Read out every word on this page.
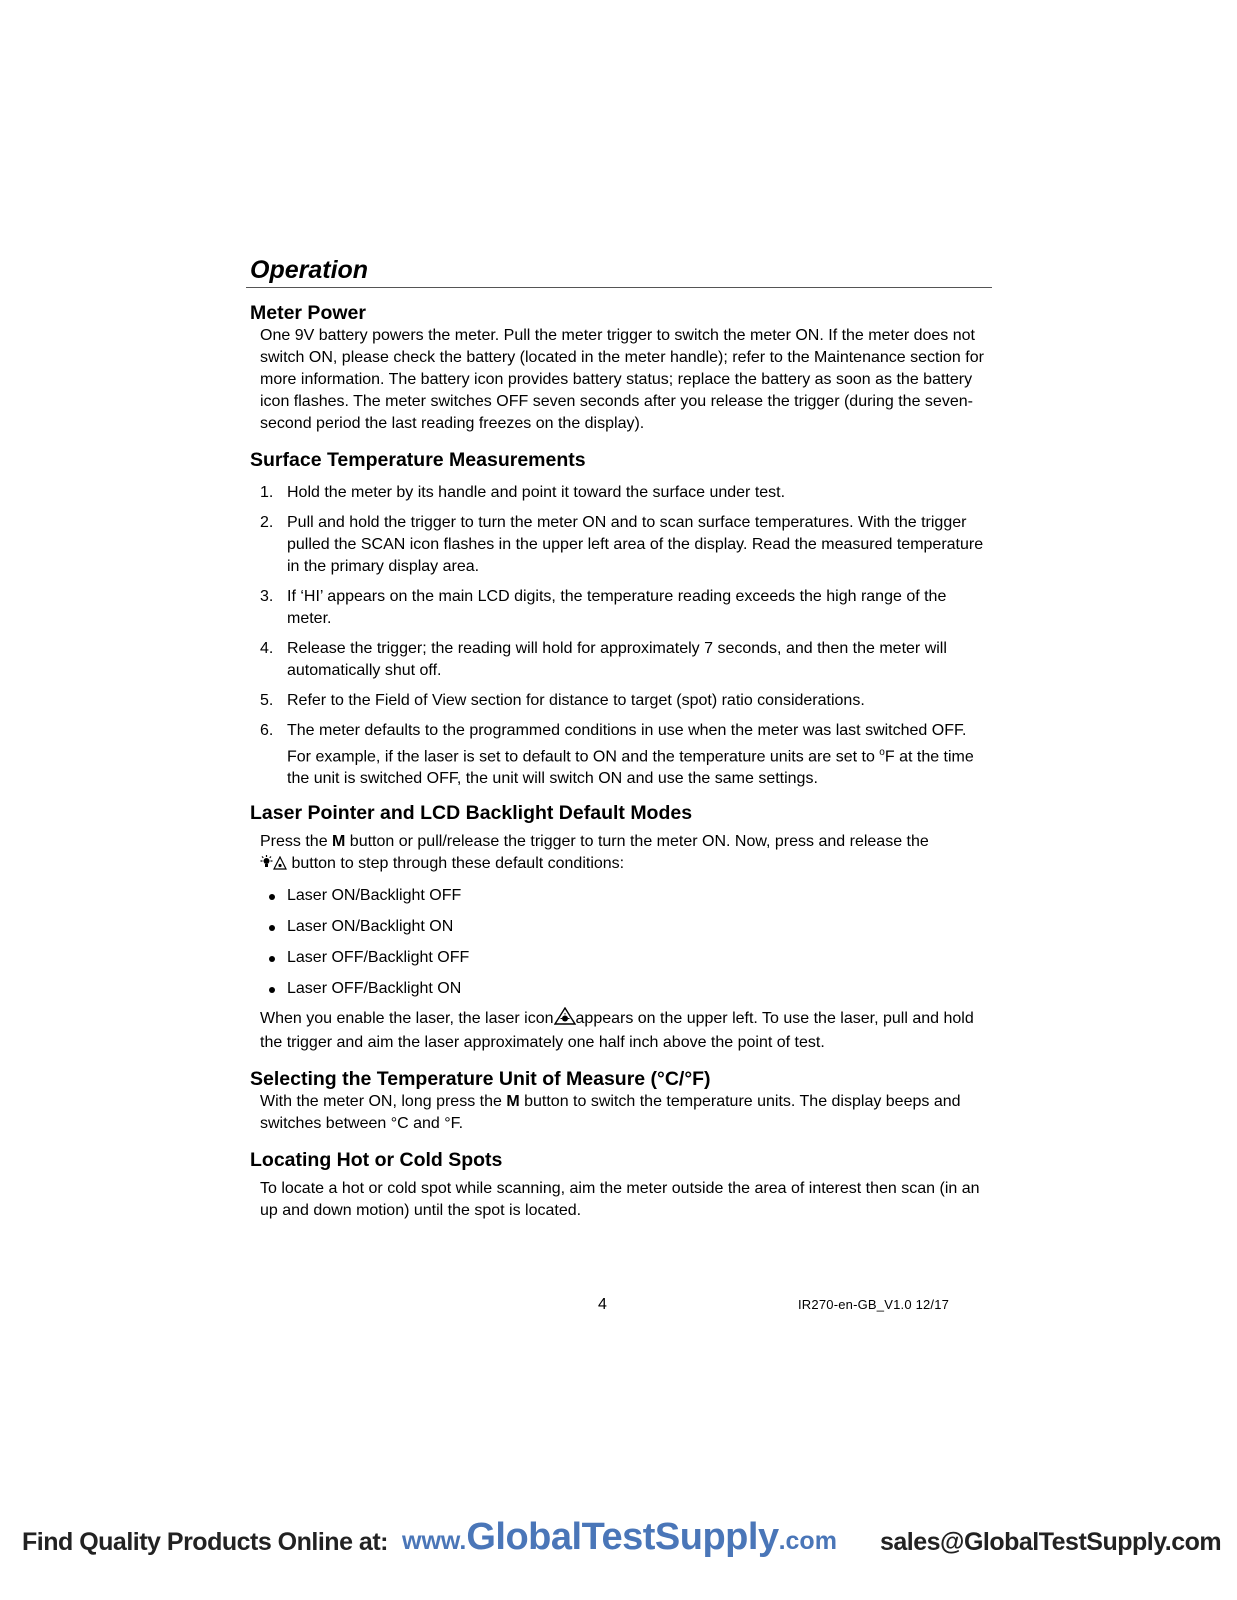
Operation
Meter Power
One 9V battery powers the meter. Pull the meter trigger to switch the meter ON. If the meter does not switch ON, please check the battery (located in the meter handle); refer to the Maintenance section for more information. The battery icon provides battery status; replace the battery as soon as the battery icon flashes. The meter switches OFF seven seconds after you release the trigger (during the seven-second period the last reading freezes on the display).
Surface Temperature Measurements
1. Hold the meter by its handle and point it toward the surface under test.
2. Pull and hold the trigger to turn the meter ON and to scan surface temperatures. With the trigger pulled the SCAN icon flashes in the upper left area of the display. Read the measured temperature in the primary display area.
3. If ‘HI’ appears on the main LCD digits, the temperature reading exceeds the high range of the meter.
4. Release the trigger; the reading will hold for approximately 7 seconds, and then the meter will automatically shut off.
5. Refer to the Field of View section for distance to target (spot) ratio considerations.
6. The meter defaults to the programmed conditions in use when the meter was last switched OFF. For example, if the laser is set to default to ON and the temperature units are set to $^o$F at the time the unit is switched OFF, the unit will switch ON and use the same settings.
Laser Pointer and LCD Backlight Default Modes
Press the M button or pull/release the trigger to turn the meter ON. Now, press and release the
button to step through these default conditions:
Laser ON/Backlight OFF
Laser ON/Backlight ON
Laser OFF/Backlight OFF
Laser OFF/Backlight ON
When you enable the laser, the laser icon appears on the upper left. To use the laser, pull and hold the trigger and aim the laser approximately one half inch above the point of test.
Selecting the Temperature Unit of Measure (°C/°F)
With the meter ON, long press the M button to switch the temperature units. The display beeps and switches between °C and °F.
Locating Hot or Cold Spots
To locate a hot or cold spot while scanning, aim the meter outside the area of interest then scan (in an up and down motion) until the spot is located.
4	IR270-en-GB_V1.0 12/17
Find Quality Products Online at: www.GlobalTestSupply.com sales@GlobalTestSupply.com
